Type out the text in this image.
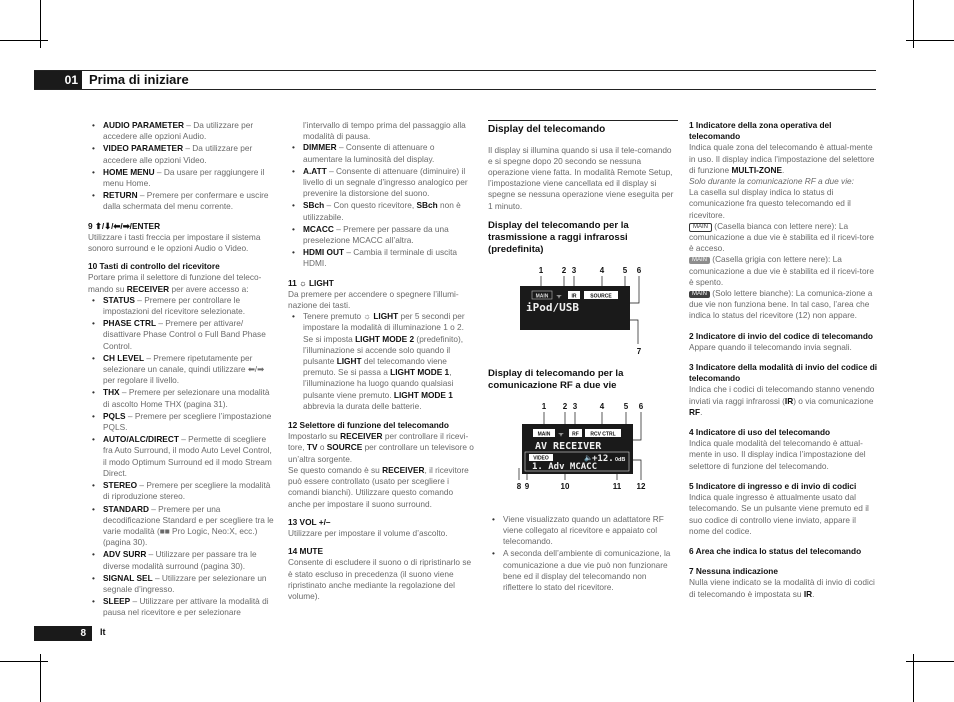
01 Prima di iniziare
• AUDIO PARAMETER – Da utilizzare per accedere alle opzioni Audio.
• VIDEO PARAMETER – Da utilizzare per accedere alle opzioni Video.
• HOME MENU – Da usare per raggiungere il menu Home.
• RETURN – Premere per confermare e uscire dalla schermata del menu corrente.
9 ⬆/⬇/⬅/➡/ENTER

Utilizzare i tasti freccia per impostare il sistema sonoro surround e le opzioni Audio o Video.

10 Tasti di controllo del ricevitore

Portare prima il selettore di funzione del teleco-mando su RECEIVER per avere accesso a:

• STATUS – Premere per controllare le impostazioni del ricevitore selezionate.
• PHASE CTRL – Premere per attivare/ disattivare Phase Control o Full Band Phase Control.
• CH LEVEL – Premere ripetutamente per selezionare un canale, quindi utilizzare ⬅/➡ per regolare il livello.
• THX – Premere per selezionare una modalità di ascolto Home THX (pagina 31).
• PQLS – Premere per scegliere l’impostazione PQLS.
• AUTO/ALC/DIRECT – Permette di scegliere fra Auto Surround, il modo Auto Level Control, il modo Optimum Surround ed il modo Stream Direct.
• STEREO – Premere per scegliere la modalità di riproduzione stereo.
• STANDARD – Premere per una decodificazione Standard e per scegliere tra le varie modalità (■■ Pro Logic, Neo:X, ecc.) (pagina 30).
• ADV SURR – Utilizzare per passare tra le diverse modalità surround (pagina 30).
• SIGNAL SEL – Utilizzare per selezionare un segnale d’ingresso.
• SLEEP – Utilizzare per attivare la modalità di pausa nel ricevitore e per selezionare

l’intervallo di tempo prima del passaggio alla modalità di pausa.

• DIMMER – Consente di attenuare o aumentare la luminosità del display.
• A.ATT – Consente di attenuare (diminuire) il livello di un segnale d’ingresso analogico per prevenire la distorsione del suono.
• SBch – Con questo ricevitore, SBch non è utilizzabile.
• MCACC – Premere per passare da una preselezione MCACC all’altra.
• HDMI OUT – Cambia il terminale di uscita HDMI.
11 ☼ LIGHT

Da premere per accendere o spegnere l’illumi-nazione dei tasti.

• Tenere premuto ☼ LIGHT per 5 secondi per impostare la modalità di illuminazione 1 o 2. Se si imposta LIGHT MODE 2 (predefinito), l’illuminazione si accende solo quando il pulsante LIGHT del telecomando viene premuto. Se si passa a LIGHT MODE 1, l’illuminazione ha luogo quando qualsiasi pulsante viene premuto. LIGHT MODE 1 abbrevia la durata delle batterie.
12 Selettore di funzione del telecomando

Impostarlo su RECEIVER per controllare il ricevi-tore, TV o SOURCE per controllare un televisore o un’altra sorgente.

Se questo comando è su RECEIVER, il ricevitore può essere controllato (usato per scegliere i comandi bianchi). Utilizzare questo comando anche per impostare il suono surround.

13 VOL +/–

Utilizzare per impostare il volume d’ascolto.

14 MUTE

Consente di escludere il suono o di ripristinarlo se è stato escluso in precedenza (il suono viene ripristinato anche mediante la regolazione del volume).

Display del telecomando

Il display si illumina quando si usa il tele-comando e si spegne dopo 20 secondo se nessuna operazione viene fatta. In modalità Remote Setup, l’impostazione viene cancellata ed il display si spegne se nessuna operazione viene eseguita per 1 minuto.

Display del telecomando per la trasmissione a raggi infrarossi (predefinita)
1 2 3	4 5 6
7
MAIN ᯤ IR	SOURCE
iPod/USB
Display di telecomando per la comunicazione RF a due vie
1 2 3	4 5 6
8 9	10	11 12
MAIN ᯤ RF RCV CTRL
AV RECEIVER
VIDEO	🔈 +12. 0dB
1. Adv MCACC
• Viene visualizzato quando un adattatore RF viene collegato al ricevitore e appaiato col telecomando.
• A seconda dell’ambiente di comunicazione, la comunicazione a due vie può non funzionare bene ed il display del telecomando non riflettere lo stato del ricevitore.
1 Indicatore della zona operativa del telecomando

Indica quale zona del telecomando è attual-mente in uso. Il display indica l’impostazione del selettore di funzione MULTI-ZONE.

Solo durante la comunicazione RF a due vie:

La casella sul display indica lo status di comunicazione fra questo telecomando ed il ricevitore.

MAIN (Casella bianca con lettere nere): La comunicazione a due vie è stabilita ed il ricevi-tore è acceso.

MAIN (Casella grigia con lettere nere): La comunicazione a due vie è stabilita ed il ricevi-tore è spento.

MAIN (Solo lettere bianche): La comunica-zione a due vie non funziona bene. In tal caso, l’area che indica lo status del ricevitore (12) non appare.

2 Indicatore di invio del codice di telecomando

Appare quando il telecomando invia segnali.

3 Indicatore della modalità di invio del codice di telecomando

Indica che i codici di telecomando stanno venendo inviati via raggi infrarossi (IR) o via comunicazione RF.

4 Indicatore di uso del telecomando

Indica quale modalità del telecomando è attual-mente in uso. Il display indica l’impostazione del selettore di funzione del telecomando.

5 Indicatore di ingresso e di invio di codici

Indica quale ingresso è attualmente usato dal telecomando. Se un pulsante viene premuto ed il suo codice di controllo viene inviato, appare il nome del codice.

6 Area che indica lo status del telecomando
7 Nessuna indicazione

Nulla viene indicato se la modalità di invio di codici di telecomando è impostata su IR.

8	It
